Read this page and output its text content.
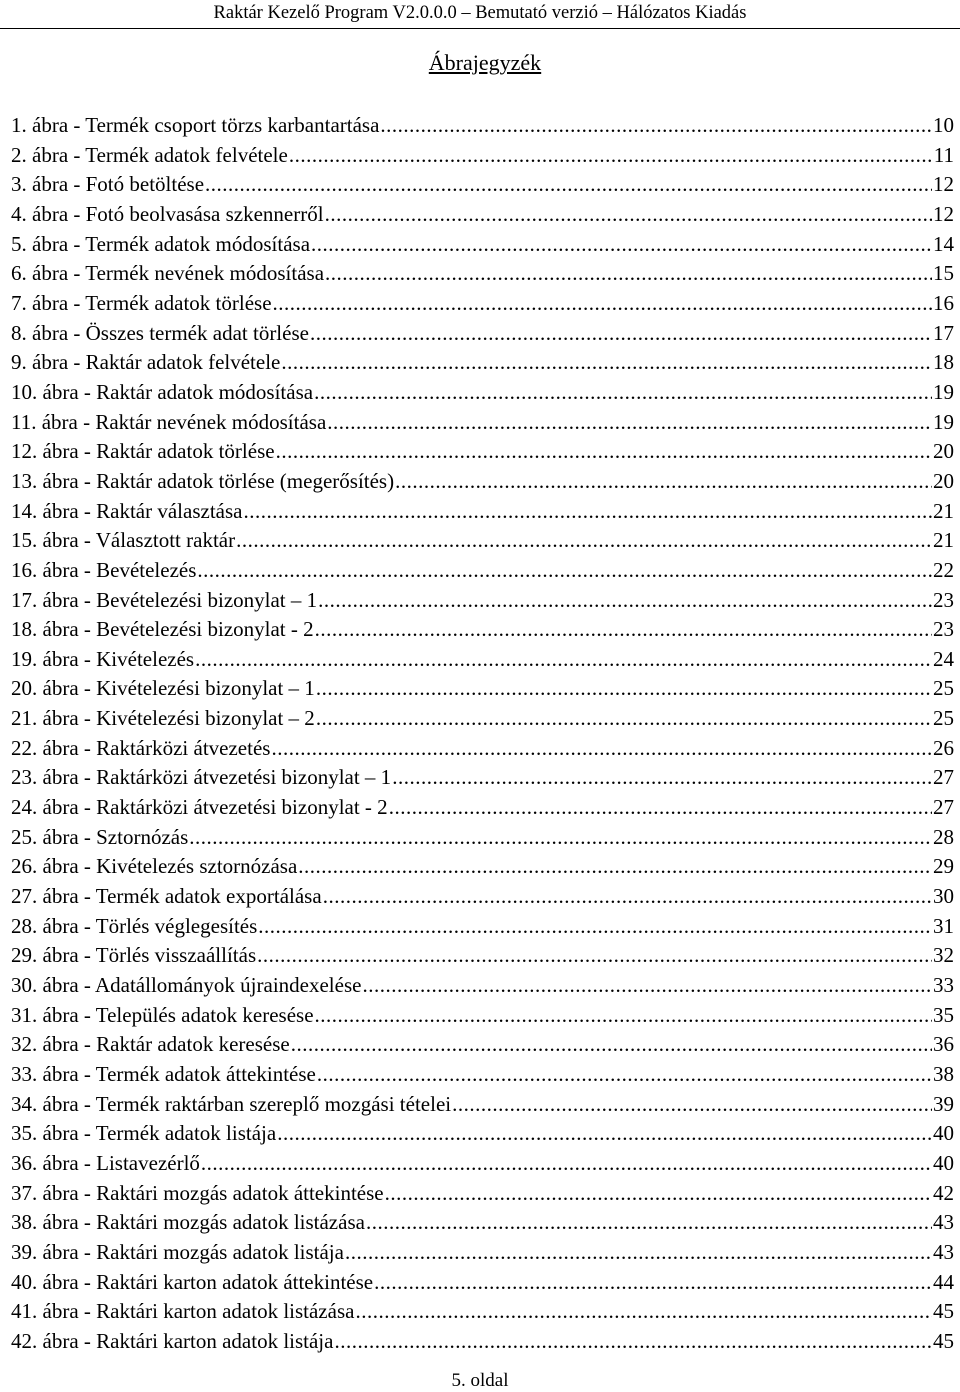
Raktár Kezelő Program V2.0.0.0 – Bemutató verzió – Hálózatos Kiadás
Ábrajegyzék
1. ábra - Termék csoport törzs karbantartása .....	10
2. ábra - Termék adatok felvétele .....	11
3. ábra - Fotó betöltése .....	12
4. ábra - Fotó beolvasása szkennerről .....	12
5. ábra - Termék adatok módosítása .....	14
6. ábra - Termék nevének módosítása .....	15
7. ábra - Termék adatok törlése .....	16
8. ábra - Összes termék adat törlése .....	17
9. ábra - Raktár adatok felvétele .....	18
10. ábra - Raktár adatok módosítása .....	19
11. ábra - Raktár nevének módosítása .....	19
12. ábra - Raktár adatok törlése .....	20
13. ábra - Raktár adatok törlése (megerősítés) .....	20
14. ábra - Raktár választása .....	21
15. ábra - Választott raktár .....	21
16. ábra - Bevételezés .....	22
17. ábra - Bevételezési bizonylat – 1 .....	23
18. ábra - Bevételezési bizonylat - 2 .....	23
19. ábra - Kivételezés .....	24
20. ábra - Kivételezési bizonylat – 1 .....	25
21. ábra - Kivételezési bizonylat – 2 .....	25
22. ábra - Raktárközi átvezetés .....	26
23. ábra - Raktárközi átvezetési bizonylat – 1 .....	27
24. ábra - Raktárközi átvezetési bizonylat - 2 .....	27
25. ábra - Sztornózás .....	28
26. ábra - Kivételezés sztornózása .....	29
27. ábra - Termék adatok exportálása .....	30
28. ábra - Törlés véglegesítés .....	31
29. ábra - Törlés visszaállítás .....	32
30. ábra - Adatállományok újraindexelése .....	33
31. ábra - Település adatok keresése .....	35
32. ábra - Raktár adatok keresése .....	36
33. ábra - Termék adatok áttekintése .....	38
34. ábra - Termék raktárban szereplő mozgási tételei .....	39
35. ábra - Termék adatok listája .....	40
36. ábra - Listavezérlő .....	40
37. ábra - Raktári mozgás adatok áttekintése .....	42
38. ábra - Raktári mozgás adatok listázása .....	43
39. ábra - Raktári mozgás adatok listája .....	43
40. ábra - Raktári karton adatok áttekintése .....	44
41. ábra - Raktári karton adatok listázása .....	45
42. ábra - Raktári karton adatok listája .....	45
5. oldal
